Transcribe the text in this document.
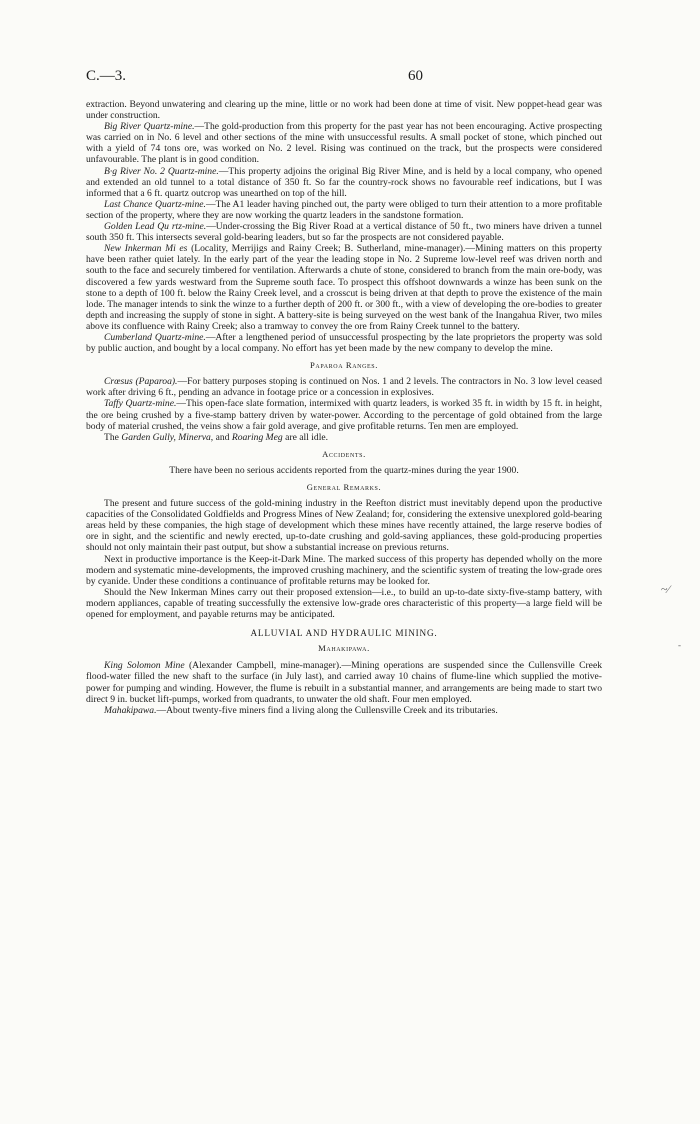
C.—3.	60

extraction. Beyond unwatering and clearing up the mine, little or no work had been done at time of visit. New poppet-head gear was under construction.

Big River Quartz-mine.—The gold-production from this property for the past year has not been encouraging. Active prospecting was carried on in No. 6 level and other sections of the mine with unsuccessful results. A small pocket of stone, which pinched out with a yield of 74 tons ore, was worked on No. 2 level. Rising was continued on the track, but the prospects were considered unfavourable. The plant is in good condition.

B·g River No. 2 Quartz-mine.—This property adjoins the original Big River Mine, and is held by a local company, who opened and extended an old tunnel to a total distance of 350 ft. So far the country-rock shows no favourable reef indications, but I was informed that a 6 ft. quartz outcrop was unearthed on top of the hill.

Last Chance Quartz-mine.—The A1 leader having pinched out, the party were obliged to turn their attention to a more profitable section of the property, where they are now working the quartz leaders in the sandstone formation.

Golden Lead Qu rtz-mine.—Under-crossing the Big River Road at a vertical distance of 50 ft., two miners have driven a tunnel south 350 ft. This intersects several gold-bearing leaders, but so far the prospects are not considered payable.

New Inkerman Mi es (Locality, Merrijigs and Rainy Creek; B. Sutherland, mine-manager).—Mining matters on this property have been rather quiet lately. In the early part of the year the leading stope in No. 2 Supreme low-level reef was driven north and south to the face and securely timbered for ventilation. Afterwards a chute of stone, considered to branch from the main ore-body, was discovered a few yards westward from the Supreme south face. To prospect this offshoot downwards a winze has been sunk on the stone to a depth of 100 ft. below the Rainy Creek level, and a crosscut is being driven at that depth to prove the existence of the main lode. The manager intends to sink the winze to a further depth of 200 ft. or 300 ft., with a view of developing the ore-bodies to greater depth and increasing the supply of stone in sight. A battery-site is being surveyed on the west bank of the Inangahua River, two miles above its confluence with Rainy Creek; also a tramway to convey the ore from Rainy Creek tunnel to the battery.

Cumberland Quartz-mine.—After a lengthened period of unsuccessful prospecting by the late proprietors the property was sold by public auction, and bought by a local company. No effort has yet been made by the new company to develop the mine.

Paparoa Ranges.

Crœsus (Paparoa).—For battery purposes stoping is continued on Nos. 1 and 2 levels. The contractors in No. 3 low level ceased work after driving 6 ft., pending an advance in footage price or a concession in explosives.

Taffy Quartz-mine.—This open-face slate formation, intermixed with quartz leaders, is worked 35 ft. in width by 15 ft. in height, the ore being crushed by a five-stamp battery driven by water-power. According to the percentage of gold obtained from the large body of material crushed, the veins show a fair gold average, and give profitable returns. Ten men are employed.

The Garden Gully, Minerva, and Roaring Meg are all idle.

Accidents.

There have been no serious accidents reported from the quartz-mines during the year 1900.

General Remarks.

The present and future success of the gold-mining industry in the Reefton district must inevitably depend upon the productive capacities of the Consolidated Goldfields and Progress Mines of New Zealand; for, considering the extensive unexplored gold-bearing areas held by these companies, the high stage of development which these mines have recently attained, the large reserve bodies of ore in sight, and the scientific and newly erected, up-to-date crushing and gold-saving appliances, these gold-producing properties should not only maintain their past output, but show a substantial increase on previous returns.

Next in productive importance is the Keep-it-Dark Mine. The marked success of this property has depended wholly on the more modern and systematic mine-developments, the improved crushing machinery, and the scientific system of treating the low-grade ores by cyanide. Under these conditions a continuance of profitable returns may be looked for.

Should the New Inkerman Mines carry out their proposed extension—i.e., to build an up-to-date sixty-five-stamp battery, with modern appliances, capable of treating successfully the extensive low-grade ores characteristic of this property—a large field will be opened for employment, and payable returns may be anticipated.

ALLUVIAL AND HYDRAULIC MINING.
Mahakipawa.

King Solomon Mine (Alexander Campbell, mine-manager).—Mining operations are suspended since the Cullensville Creek flood-water filled the new shaft to the surface (in July last), and carried away 10 chains of flume-line which supplied the motive-power for pumping and winding. However, the flume is rebuilt in a substantial manner, and arrangements are being made to start two direct 9 in. bucket lift-pumps, worked from quadrants, to unwater the old shaft. Four men employed.

Mahakipawa.—About twenty-five miners find a living along the Cullensville Creek and its tributaries.

~⁄
-
